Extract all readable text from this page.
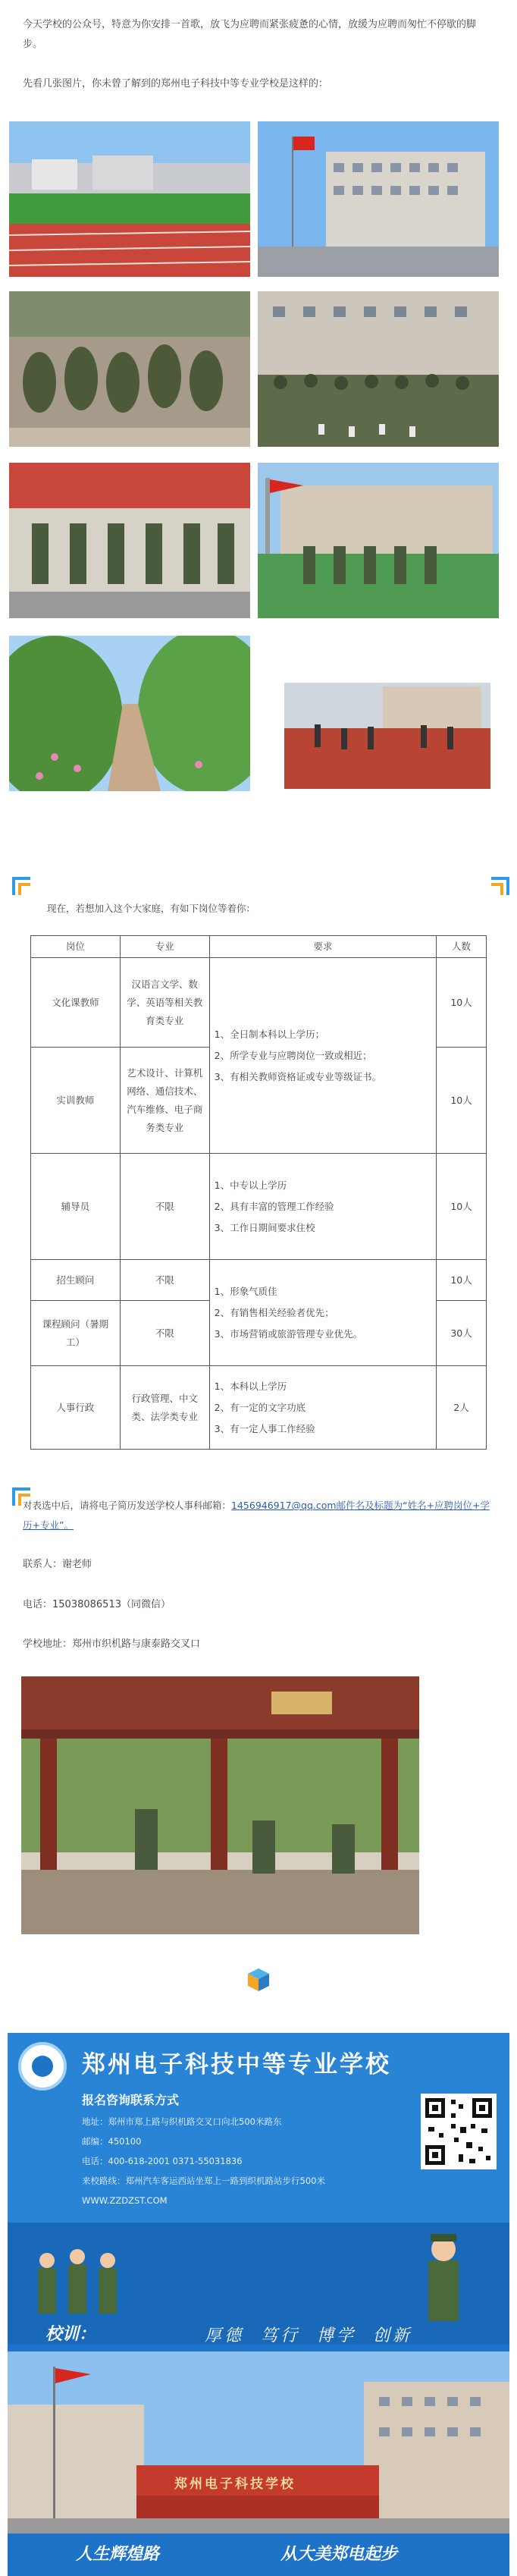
今天学校的公众号，特意为你安排一首歌，放飞为应聘而紧张疲惫的心情，放缓为应聘而匆忙不停歇的脚步。
先看几张图片，你未曾了解到的郑州电子科技中等专业学校是这样的：
现在，若想加入这个大家庭，有如下岗位等着你：
岗位	专业	要求	人数
文化课教师	汉语言文学、数学、英语等相关教育类专业	1、全日制本科以上学历；

2、所学专业与应聘岗位一致或相近；

3、有相关教师资格证或专业等级证书。	10人
实训教师	艺术设计、计算机网络、通信技术、汽车维修、电子商务类专业		10人
辅导员	不限	1、中专以上学历

2、具有丰富的管理工作经验

3、工作日期间要求住校	10人
招生顾问	不限	1、形象气质佳

2、有销售相关经验者优先；

3、市场营销或旅游管理专业优先。	10人
课程顾问（暑期工）	不限		30人
人事行政	行政管理、中文类、法学类专业	1、本科以上学历

2、有一定的文字功底

3、有一定人事工作经验	2人
对表选中后，请将电子简历发送学校人事科邮箱：1456946917@qq.com邮件名及标题为“姓名+应聘岗位+学历+专业”。
联系人：谢老师
电话：15038086513（同微信）
学校地址：郑州市织机路与康泰路交叉口
郑州电子科技中等专业学校
报名咨询联系方式
地址：郑州市郑上路与织机路交叉口向北500米路东
邮编：450100
电话：400-618-2001 0371-55031836
来校路线：郑州汽车客运西站坐郑上一路到织机路站步行500米
WWW.ZZDZST.COM
校训：	厚德  笃行  博学  创新
郑州电子科技学校
人生辉煌路	从大美郑电起步
